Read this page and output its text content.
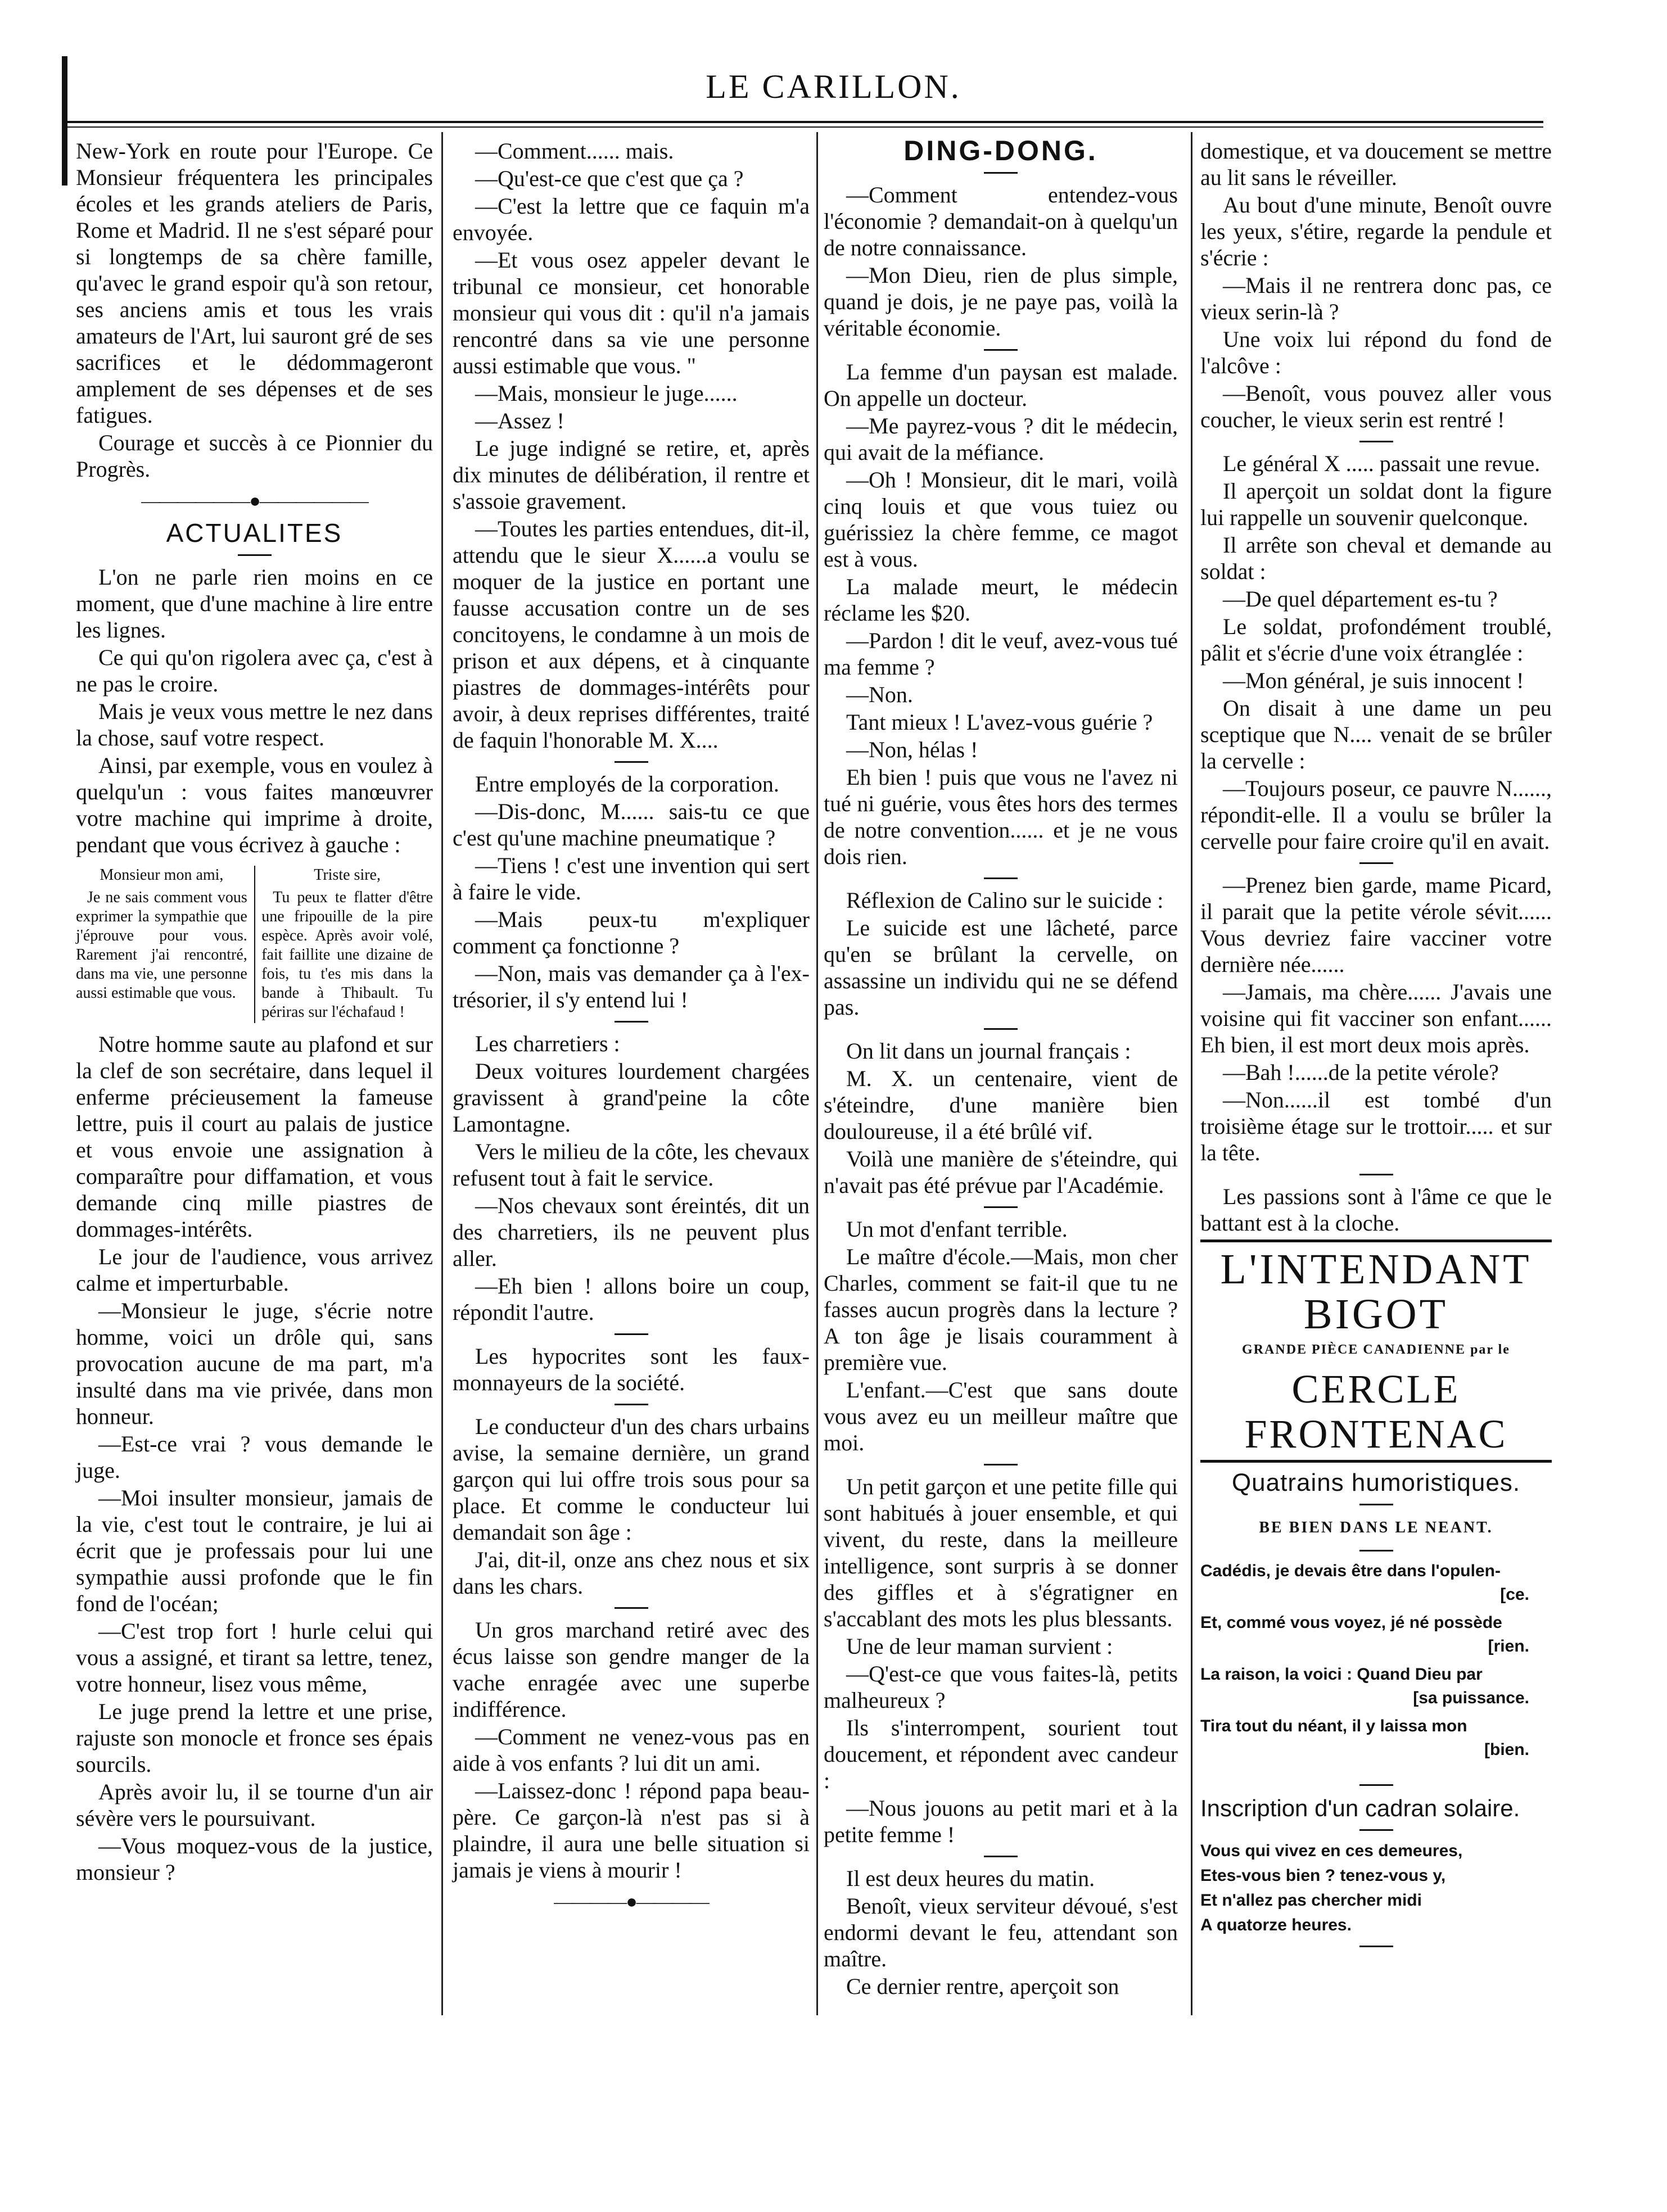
LE CARILLON.

New-York en route pour l'Europe. Ce Monsieur fréquentera les principales écoles et les grands ateliers de Paris, Rome et Madrid. Il ne s'est séparé pour si longtemps de sa chère famille, qu'avec le grand espoir qu'à son retour, ses anciens amis et tous les vrais amateurs de l'Art, lui sauront gré de ses sacrifices et le dédommageront amplement de ses dépenses et de ses fatigues.

Courage et succès à ce Pionnier du Progrès.

——————●——————
ACTUALITES

L'on ne parle rien moins en ce moment, que d'une machine à lire entre les lignes.

Ce qui qu'on rigolera avec ça, c'est à ne pas le croire.

Mais je veux vous mettre le nez dans la chose, sauf votre respect.

Ainsi, par exemple, vous en voulez à quelqu'un : vous faites manœuvrer votre machine qui imprime à droite, pendant que vous écrivez à gauche :

Monsieur mon ami,

Je ne sais comment vous exprimer la sympathie que j'éprouve pour vous. Rarement j'ai rencontré, dans ma vie, une personne aussi estimable que vous.

Triste sire,

Tu peux te flatter d'être une fripouille de la pire espèce. Après avoir volé, fait faillite une dizaine de fois, tu t'es mis dans la bande à Thibault. Tu périras sur l'échafaud !

Notre homme saute au plafond et sur la clef de son secrétaire, dans lequel il enferme précieusement la fameuse lettre, puis il court au palais de justice et vous envoie une assignation à comparaître pour diffamation, et vous demande cinq mille piastres de dommages-intérêts.

Le jour de l'audience, vous arrivez calme et imperturbable.

—Monsieur le juge, s'écrie notre homme, voici un drôle qui, sans provocation aucune de ma part, m'a insulté dans ma vie privée, dans mon honneur.

—Est-ce vrai ? vous demande le juge.

—Moi insulter monsieur, jamais de la vie, c'est tout le contraire, je lui ai écrit que je professais pour lui une sympathie aussi profonde que le fin fond de l'océan;

—C'est trop fort ! hurle celui qui vous a assigné, et tirant sa lettre, tenez, votre honneur, lisez vous même,

Le juge prend la lettre et une prise, rajuste son monocle et fronce ses épais sourcils.

Après avoir lu, il se tourne d'un air sévère vers le poursuivant.

—Vous moquez-vous de la justice, monsieur ?

—Comment...... mais.

—Qu'est-ce que c'est que ça ?

—C'est la lettre que ce faquin m'a envoyée.

—Et vous osez appeler devant le tribunal ce monsieur, cet honorable monsieur qui vous dit : qu'il n'a jamais rencontré dans sa vie une personne aussi estimable que vous. "

—Mais, monsieur le juge......

—Assez !

Le juge indigné se retire, et, après dix minutes de délibération, il rentre et s'assoie gravement.

—Toutes les parties entendues, dit-il, attendu que le sieur X......a voulu se moquer de la justice en portant une fausse accusation contre un de ses concitoyens, le condamne à un mois de prison et aux dépens, et à cinquante piastres de dommages-intérêts pour avoir, à deux reprises différentes, traité de faquin l'honorable M. X....

Entre employés de la corporation.

—Dis-donc, M...... sais-tu ce que c'est qu'une machine pneumatique ?

—Tiens ! c'est une invention qui sert à faire le vide.

—Mais peux-tu m'expliquer comment ça fonctionne ?

—Non, mais vas demander ça à l'ex-trésorier, il s'y entend lui !

Les charretiers :

Deux voitures lourdement chargées gravissent à grand'peine la côte Lamontagne.

Vers le milieu de la côte, les chevaux refusent tout à fait le service.

—Nos chevaux sont éreintés, dit un des charretiers, ils ne peuvent plus aller.

—Eh bien ! allons boire un coup, répondit l'autre.

Les hypocrites sont les faux-monnayeurs de la société.

Le conducteur d'un des chars urbains avise, la semaine dernière, un grand garçon qui lui offre trois sous pour sa place. Et comme le conducteur lui demandait son âge :

J'ai, dit-il, onze ans chez nous et six dans les chars.

Un gros marchand retiré avec des écus laisse son gendre manger de la vache enragée avec une superbe indifférence.

—Comment ne venez-vous pas en aide à vos enfants ? lui dit un ami.

—Laissez-donc ! répond papa beau-père. Ce garçon-là n'est pas si à plaindre, il aura une belle situation si jamais je viens à mourir !

————●————
DING-DONG.

—Comment entendez-vous l'économie ? demandait-on à quelqu'un de notre connaissance.

—Mon Dieu, rien de plus simple, quand je dois, je ne paye pas, voilà la véritable économie.

La femme d'un paysan est malade. On appelle un docteur.

—Me payrez-vous ? dit le médecin, qui avait de la méfiance.

—Oh ! Monsieur, dit le mari, voilà cinq louis et que vous tuiez ou guérissiez la chère femme, ce magot est à vous.

La malade meurt, le médecin réclame les $20.

—Pardon ! dit le veuf, avez-vous tué ma femme ?

—Non.

Tant mieux ! L'avez-vous guérie ?

—Non, hélas !

Eh bien ! puis que vous ne l'avez ni tué ni guérie, vous êtes hors des termes de notre convention...... et je ne vous dois rien.

Réflexion de Calino sur le suicide :

Le suicide est une lâcheté, parce qu'en se brûlant la cervelle, on assassine un individu qui ne se défend pas.

On lit dans un journal français :

M. X. un centenaire, vient de s'éteindre, d'une manière bien douloureuse, il a été brûlé vif.

Voilà une manière de s'éteindre, qui n'avait pas été prévue par l'Académie.

Un mot d'enfant terrible.

Le maître d'école.—Mais, mon cher Charles, comment se fait-il que tu ne fasses aucun progrès dans la lecture ? A ton âge je lisais couramment à première vue.

L'enfant.—C'est que sans doute vous avez eu un meilleur maître que moi.

Un petit garçon et une petite fille qui sont habitués à jouer ensemble, et qui vivent, du reste, dans la meilleure intelligence, sont surpris à se donner des giffles et à s'égratigner en s'accablant des mots les plus blessants.

Une de leur maman survient :

—Q'est-ce que vous faites-là, petits malheureux ?

Ils s'interrompent, sourient tout doucement, et répondent avec candeur :

—Nous jouons au petit mari et à la petite femme !

Il est deux heures du matin.

Benoît, vieux serviteur dévoué, s'est endormi devant le feu, attendant son maître.

Ce dernier rentre, aperçoit son

domestique, et va doucement se mettre au lit sans le réveiller.

Au bout d'une minute, Benoît ouvre les yeux, s'étire, regarde la pendule et s'écrie :

—Mais il ne rentrera donc pas, ce vieux serin-là ?

Une voix lui répond du fond de l'alcôve :

—Benoît, vous pouvez aller vous coucher, le vieux serin est rentré !

Le général X ..... passait une revue.

Il aperçoit un soldat dont la figure lui rappelle un souvenir quelconque.

Il arrête son cheval et demande au soldat :

—De quel département es-tu ?

Le soldat, profondément troublé, pâlit et s'écrie d'une voix étranglée :

—Mon général, je suis innocent !

On disait à une dame un peu sceptique que N.... venait de se brûler la cervelle :

—Toujours poseur, ce pauvre N......, répondit-elle. Il a voulu se brûler la cervelle pour faire croire qu'il en avait.

—Prenez bien garde, mame Picard, il parait que la petite vérole sévit...... Vous devriez faire vacciner votre dernière née......

—Jamais, ma chère...... J'avais une voisine qui fit vacciner son enfant...... Eh bien, il est mort deux mois après.

—Bah !......de la petite vérole?

—Non......il est tombé d'un troisième étage sur le trottoir..... et sur la tête.

Les passions sont à l'âme ce que le battant est à la cloche.

L'INTENDANT BIGOT
GRANDE PIÈCE CANADIENNE par le
CERCLE FRONTENAC
Quatrains humoristiques.
BE BIEN DANS LE NEANT.
Cadédis, je devais être dans l'opulen-
[ce.
Et, commé vous voyez, jé né possède
[rien.
La raison, la voici : Quand Dieu par
[sa puissance.
Tira tout du néant, il y laissa mon
[bien.
Inscription d'un cadran solaire.
Vous qui vivez en ces demeures,
Etes-vous bien ? tenez-vous y,
Et n'allez pas chercher midi
A quatorze heures.
